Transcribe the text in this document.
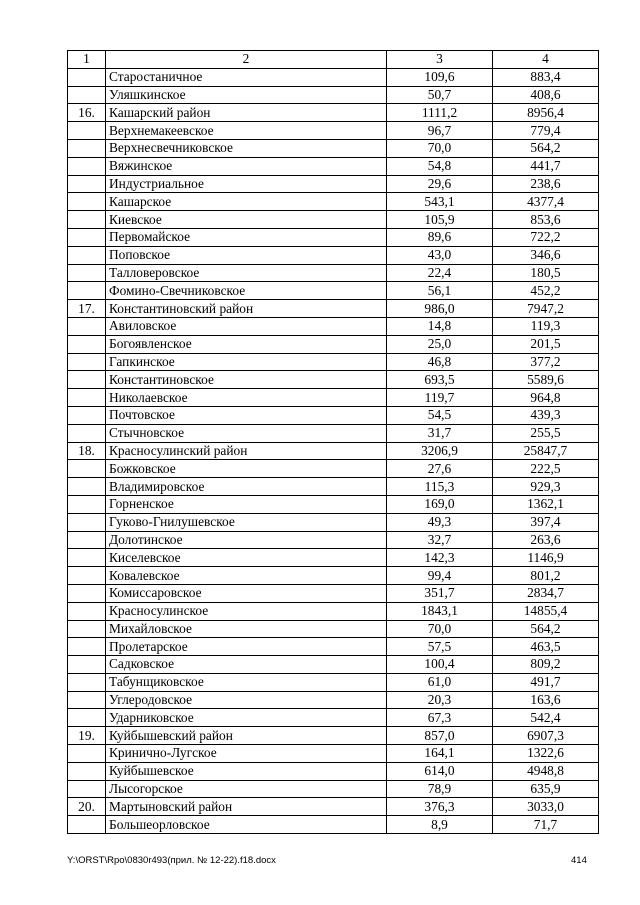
1	2	3	4
	Старостаничное	109,6	883,4
	Уляшкинское	50,7	408,6
16.	Кашарский район	1111,2	8956,4
	Верхнемакеевское	96,7	779,4
	Верхнесвечниковское	70,0	564,2
	Вяжинское	54,8	441,7
	Индустриальное	29,6	238,6
	Кашарское	543,1	4377,4
	Киевское	105,9	853,6
	Первомайское	89,6	722,2
	Поповское	43,0	346,6
	Талловеровское	22,4	180,5
	Фомино-Свечниковское	56,1	452,2
17.	Константиновский район	986,0	7947,2
	Авиловское	14,8	119,3
	Богоявленское	25,0	201,5
	Гапкинское	46,8	377,2
	Константиновское	693,5	5589,6
	Николаевское	119,7	964,8
	Почтовское	54,5	439,3
	Стычновское	31,7	255,5
18.	Красносулинский район	3206,9	25847,7
	Божковское	27,6	222,5
	Владимировское	115,3	929,3
	Горненское	169,0	1362,1
	Гуково-Гнилушевское	49,3	397,4
	Долотинское	32,7	263,6
	Киселевское	142,3	1146,9
	Ковалевское	99,4	801,2
	Комиссаровское	351,7	2834,7
	Красносулинское	1843,1	14855,4
	Михайловское	70,0	564,2
	Пролетарское	57,5	463,5
	Садковское	100,4	809,2
	Табунщиковское	61,0	491,7
	Углеродовское	20,3	163,6
	Ударниковское	67,3	542,4
19.	Куйбышевский район	857,0	6907,3
	Кринично-Лугское	164,1	1322,6
	Куйбышевское	614,0	4948,8
	Лысогорское	78,9	635,9
20.	Мартыновский район	376,3	3033,0
	Большеорловское	8,9	71,7
Y:\ORST\Rpo\0830r493(прил. № 12-22).f18.docx	414
